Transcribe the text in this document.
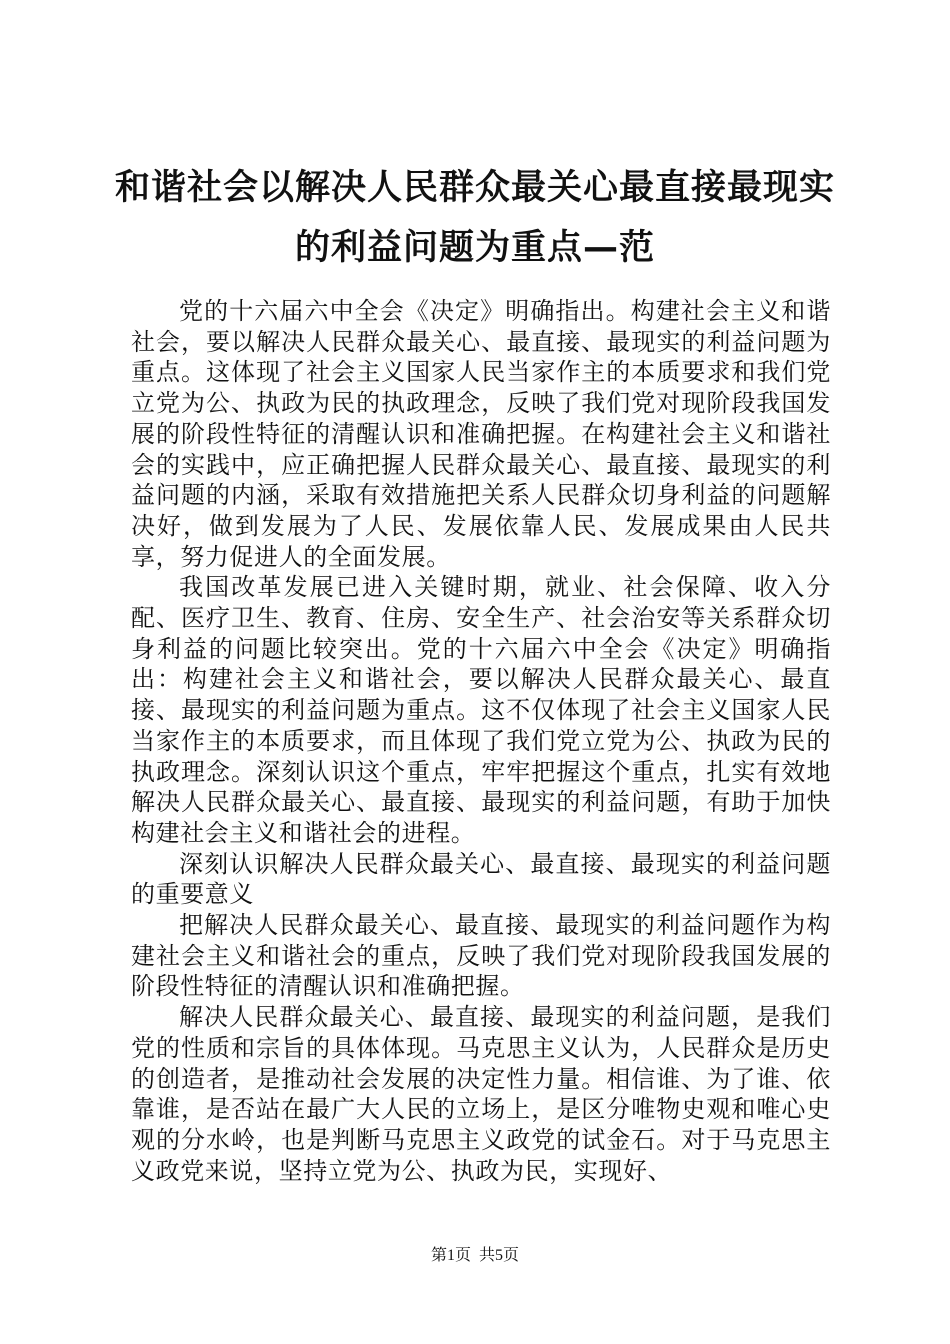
和谐社会以解决人民群众最关心最直接最现实
的利益问题为重点—范

党的十六届六中全会《决定》明确指出。构建社会主义和谐社会，要以解决人民群众最关心、最直接、最现实的利益问题为重点。这体现了社会主义国家人民当家作主的本质要求和我们党立党为公、执政为民的执政理念，反映了我们党对现阶段我国发展的阶段性特征的清醒认识和准确把握。在构建社会主义和谐社会的实践中，应正确把握人民群众最关心、最直接、最现实的利益问题的内涵，采取有效措施把关系人民群众切身利益的问题解决好，做到发展为了人民、发展依靠人民、发展成果由人民共享，努力促进人的全面发展。

我国改革发展已进入关键时期，就业、社会保障、收入分配、医疗卫生、教育、住房、安全生产、社会治安等关系群众切身利益的问题比较突出。党的十六届六中全会《决定》明确指出：构建社会主义和谐社会，要以解决人民群众最关心、最直接、最现实的利益问题为重点。这不仅体现了社会主义国家人民当家作主的本质要求，而且体现了我们党立党为公、执政为民的执政理念。深刻认识这个重点，牢牢把握这个重点，扎实有效地解决人民群众最关心、最直接、最现实的利益问题，有助于加快构建社会主义和谐社会的进程。

深刻认识解决人民群众最关心、最直接、最现实的利益问题的重要意义

把解决人民群众最关心、最直接、最现实的利益问题作为构建社会主义和谐社会的重点，反映了我们党对现阶段我国发展的阶段性特征的清醒认识和准确把握。

解决人民群众最关心、最直接、最现实的利益问题，是我们党的性质和宗旨的具体体现。马克思主义认为，人民群众是历史的创造者，是推动社会发展的决定性力量。相信谁、为了谁、依靠谁，是否站在最广大人民的立场上，是区分唯物史观和唯心史观的分水岭，也是判断马克思主义政党的试金石。对于马克思主义政党来说，坚持立党为公、执政为民，实现好、

第1页  共5页
